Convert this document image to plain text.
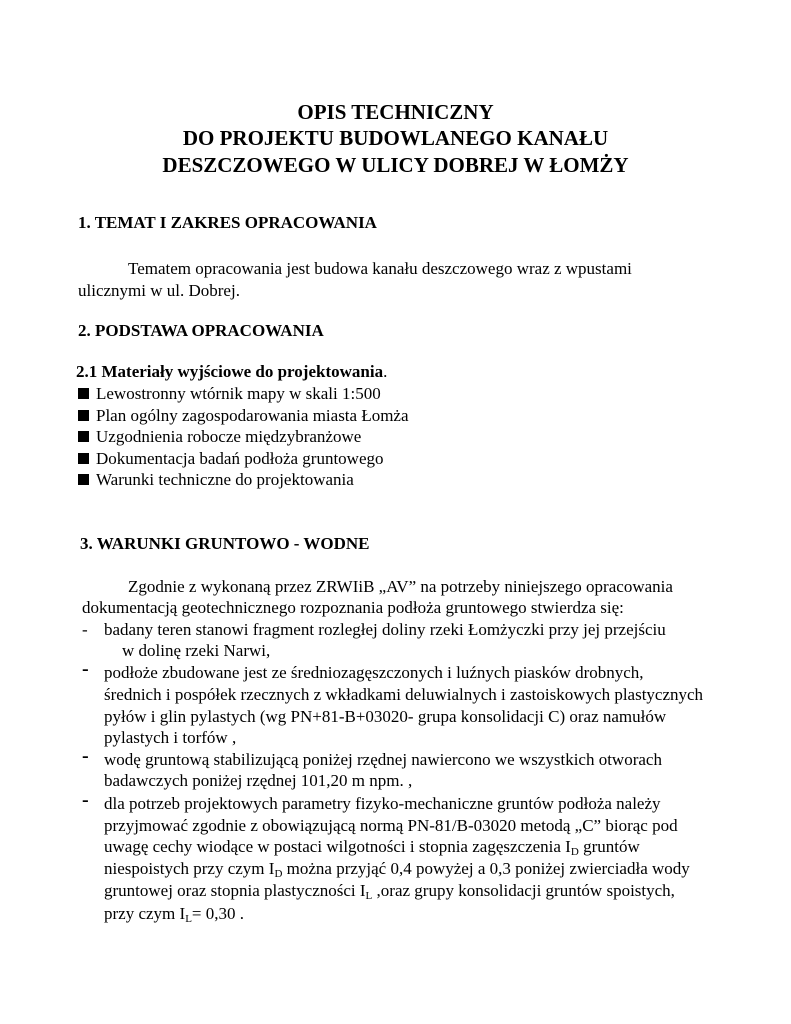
OPIS TECHNICZNY
DO PROJEKTU BUDOWLANEGO KANAŁU
DESZCZOWEGO W ULICY DOBREJ W ŁOMŻY
1. TEMAT I ZAKRES OPRACOWANIA
Tematem opracowania jest budowa kanału deszczowego wraz z wpustami
ulicznymi w ul. Dobrej.
2. PODSTAWA OPRACOWANIA
2.1 Materiały wyjściowe do projektowania.
Lewostronny wtórnik mapy w skali 1:500
Plan ogólny zagospodarowania miasta Łomża
Uzgodnienia robocze międzybranżowe
Dokumentacja badań podłoża gruntowego
Warunki techniczne do projektowania
3. WARUNKI GRUNTOWO - WODNE
Zgodnie z wykonaną przez ZRWIiB „AV” na potrzeby niniejszego opracowania
dokumentacją geotechnicznego rozpoznania podłoża gruntowego stwierdza się:
- badany teren stanowi fragment rozległej doliny rzeki Łomżyczki przy jej przejściu
w dolinę rzeki Narwi,
- podłoże zbudowane jest ze średniozagęszczonych i luźnych piasków drobnych,
średnich i pospółek rzecznych z wkładkami deluwialnych i zastoiskowych plastycznych
pyłów i glin pylastych (wg PN+81-B+03020- grupa konsolidacji C) oraz namułów
pylastych i torfów ,
- wodę gruntową stabilizującą poniżej rzędnej nawiercono we wszystkich otworach
badawczych poniżej rzędnej 101,20 m npm. ,
- dla potrzeb projektowych parametry fizyko-mechaniczne gruntów podłoża należy
przyjmować zgodnie z obowiązującą normą PN-81/B-03020 metodą „C” biorąc pod
uwagę cechy wiodące w postaci wilgotności i stopnia zagęszczenia $I_D$ gruntów
niespoistych przy czym $I_D$ można przyjąć 0,4 powyżej a 0,3 poniżej zwierciadła wody
gruntowej oraz stopnia plastyczności $I_L$ ,oraz grupy konsolidacji gruntów spoistych,
przy czym $I_L= 0,30$ .
